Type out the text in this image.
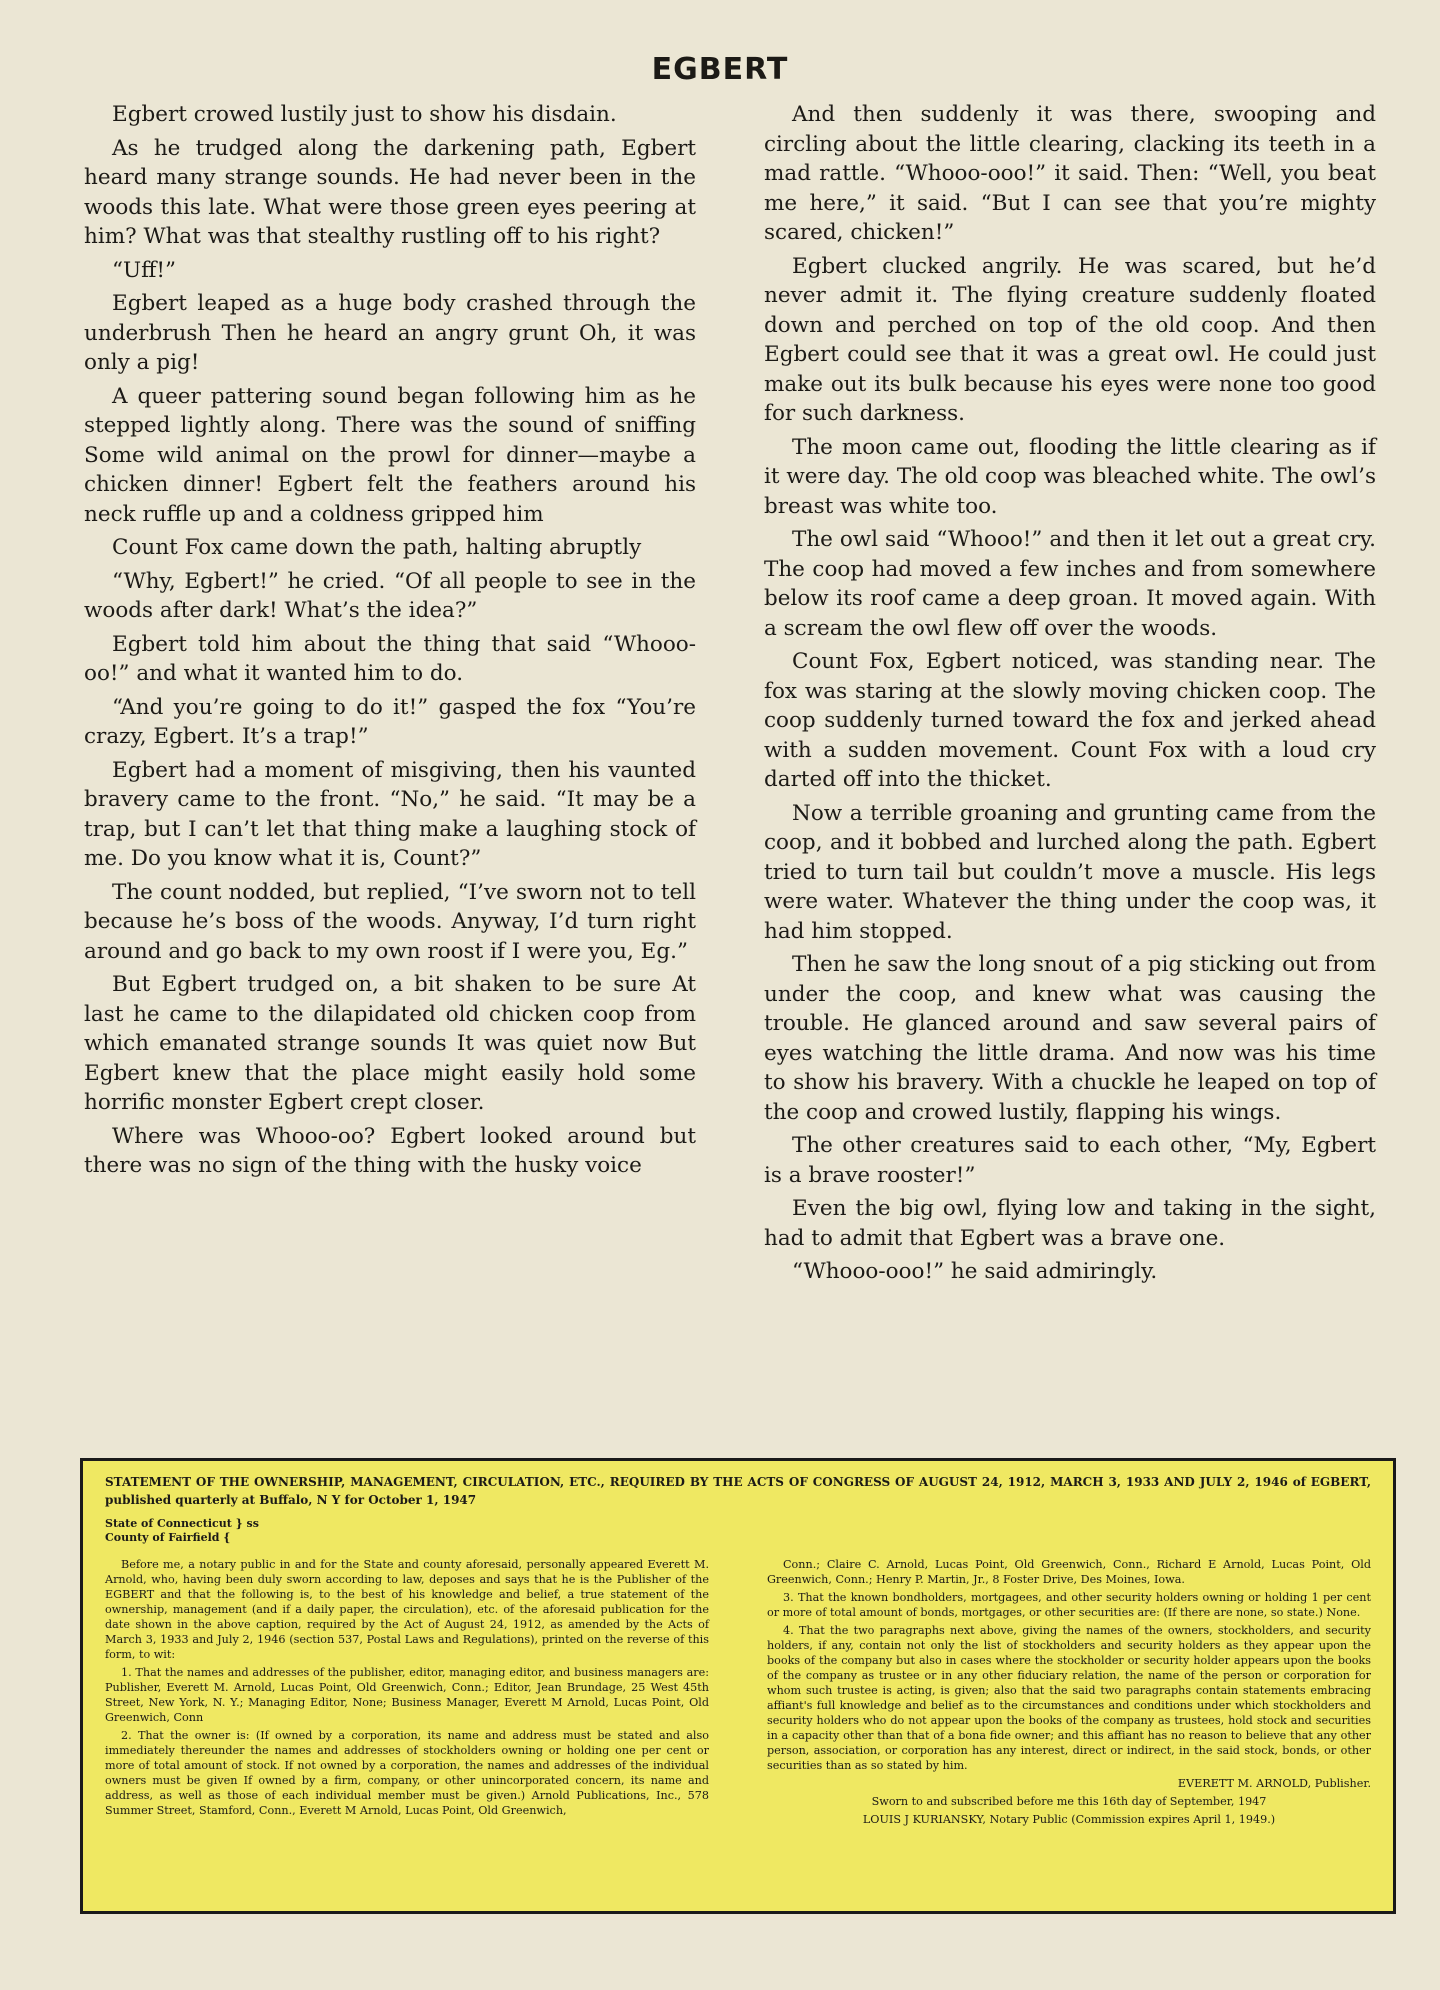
EGBERT

Egbert crowed lustily just to show his disdain.

As he trudged along the darkening path, Egbert heard many strange sounds. He had never been in the woods this late. What were those green eyes peering at him? What was that stealthy rustling off to his right?

“Uff!”

Egbert leaped as a huge body crashed through the underbrush Then he heard an angry grunt Oh, it was only a pig!

A queer pattering sound began following him as he stepped lightly along. There was the sound of sniffing Some wild animal on the prowl for dinner—maybe a chicken dinner! Egbert felt the feathers around his neck ruffle up and a coldness gripped him

Count Fox came down the path, halting abruptly

“Why, Egbert!” he cried. “Of all people to see in the woods after dark! What’s the idea?”

Egbert told him about the thing that said “Whooo-oo!” and what it wanted him to do.

“And you’re going to do it!” gasped the fox “You’re crazy, Egbert. It’s a trap!”

Egbert had a moment of misgiving, then his vaunted bravery came to the front. “No,” he said. “It may be a trap, but I can’t let that thing make a laughing stock of me. Do you know what it is, Count?”

The count nodded, but replied, “I’ve sworn not to tell because he’s boss of the woods. Anyway, I’d turn right around and go back to my own roost if I were you, Eg.”

But Egbert trudged on, a bit shaken to be sure At last he came to the dilapidated old chicken coop from which emanated strange sounds It was quiet now But Egbert knew that the place might easily hold some horrific monster Egbert crept closer.

Where was Whooo-oo? Egbert looked around but there was no sign of the thing with the husky voice

And then suddenly it was there, swooping and circling about the little clearing, clacking its teeth in a mad rattle. “Whooo-ooo!” it said. Then: “Well, you beat me here,” it said. “But I can see that you’re mighty scared, chicken!”

Egbert clucked angrily. He was scared, but he’d never admit it. The flying creature suddenly floated down and perched on top of the old coop. And then Egbert could see that it was a great owl. He could just make out its bulk because his eyes were none too good for such darkness.

The moon came out, flooding the little clearing as if it were day. The old coop was bleached white. The owl’s breast was white too.

The owl said “Whooo!” and then it let out a great cry. The coop had moved a few inches and from somewhere below its roof came a deep groan. It moved again. With a scream the owl flew off over the woods.

Count Fox, Egbert noticed, was standing near. The fox was staring at the slowly moving chicken coop. The coop suddenly turned toward the fox and jerked ahead with a sudden movement. Count Fox with a loud cry darted off into the thicket.

Now a terrible groaning and grunting came from the coop, and it bobbed and lurched along the path. Egbert tried to turn tail but couldn’t move a muscle. His legs were water. Whatever the thing under the coop was, it had him stopped.

Then he saw the long snout of a pig sticking out from under the coop, and knew what was causing the trouble. He glanced around and saw several pairs of eyes watching the little drama. And now was his time to show his bravery. With a chuckle he leaped on top of the coop and crowed lustily, flapping his wings.

The other creatures said to each other, “My, Egbert is a brave rooster!”

Even the big owl, flying low and taking in the sight, had to admit that Egbert was a brave one.

“Whooo-ooo!” he said admiringly.

STATEMENT OF THE OWNERSHIP, MANAGEMENT, CIRCULATION, ETC., REQUIRED BY THE ACTS OF CONGRESS OF AUGUST 24, 1912, MARCH 3, 1933 AND JULY 2, 1946 of EGBERT, published quarterly at Buffalo, N Y for October 1, 1947
State of Connecticut } ss
County of Fairfield {

Before me, a notary public in and for the State and county aforesaid, personally appeared Everett M. Arnold, who, having been duly sworn according to law, deposes and says that he is the Publisher of the EGBERT and that the following is, to the best of his knowledge and belief, a true statement of the ownership, management (and if a daily paper, the circulation), etc. of the aforesaid publication for the date shown in the above caption, required by the Act of August 24, 1912, as amended by the Acts of March 3, 1933 and July 2, 1946 (section 537, Postal Laws and Regulations), printed on the reverse of this form, to wit:

1. That the names and addresses of the publisher, editor, managing editor, and business managers are: Publisher, Everett M. Arnold, Lucas Point, Old Greenwich, Conn.; Editor, Jean Brundage, 25 West 45th Street, New York, N. Y.; Managing Editor, None; Business Manager, Everett M Arnold, Lucas Point, Old Greenwich, Conn

2. That the owner is: (If owned by a corporation, its name and address must be stated and also immediately thereunder the names and addresses of stockholders owning or holding one per cent or more of total amount of stock. If not owned by a corporation, the names and addresses of the individual owners must be given If owned by a firm, company, or other unincorporated concern, its name and address, as well as those of each individual member must be given.) Arnold Publications, Inc., 578 Summer Street, Stamford, Conn., Everett M Arnold, Lucas Point, Old Greenwich,

Conn.; Claire C. Arnold, Lucas Point, Old Greenwich, Conn., Richard E Arnold, Lucas Point, Old Greenwich, Conn.; Henry P. Martin, Jr., 8 Foster Drive, Des Moines, Iowa.

3. That the known bondholders, mortgagees, and other security holders owning or holding 1 per cent or more of total amount of bonds, mortgages, or other securities are: (If there are none, so state.) None.

4. That the two paragraphs next above, giving the names of the owners, stockholders, and security holders, if any, contain not only the list of stockholders and security holders as they appear upon the books of the company but also in cases where the stockholder or security holder appears upon the books of the company as trustee or in any other fiduciary relation, the name of the person or corporation for whom such trustee is acting, is given; also that the said two paragraphs contain statements embracing affiant's full knowledge and belief as to the circumstances and conditions under which stockholders and security holders who do not appear upon the books of the company as trustees, hold stock and securities in a capacity other than that of a bona fide owner; and this affiant has no reason to believe that any other person, association, or corporation has any interest, direct or indirect, in the said stock, bonds, or other securities than as so stated by him.

EVERETT M. ARNOLD, Publisher.

Sworn to and subscribed before me this 16th day of September, 1947

LOUIS J KURIANSKY, Notary Public (Commission expires April 1, 1949.)
